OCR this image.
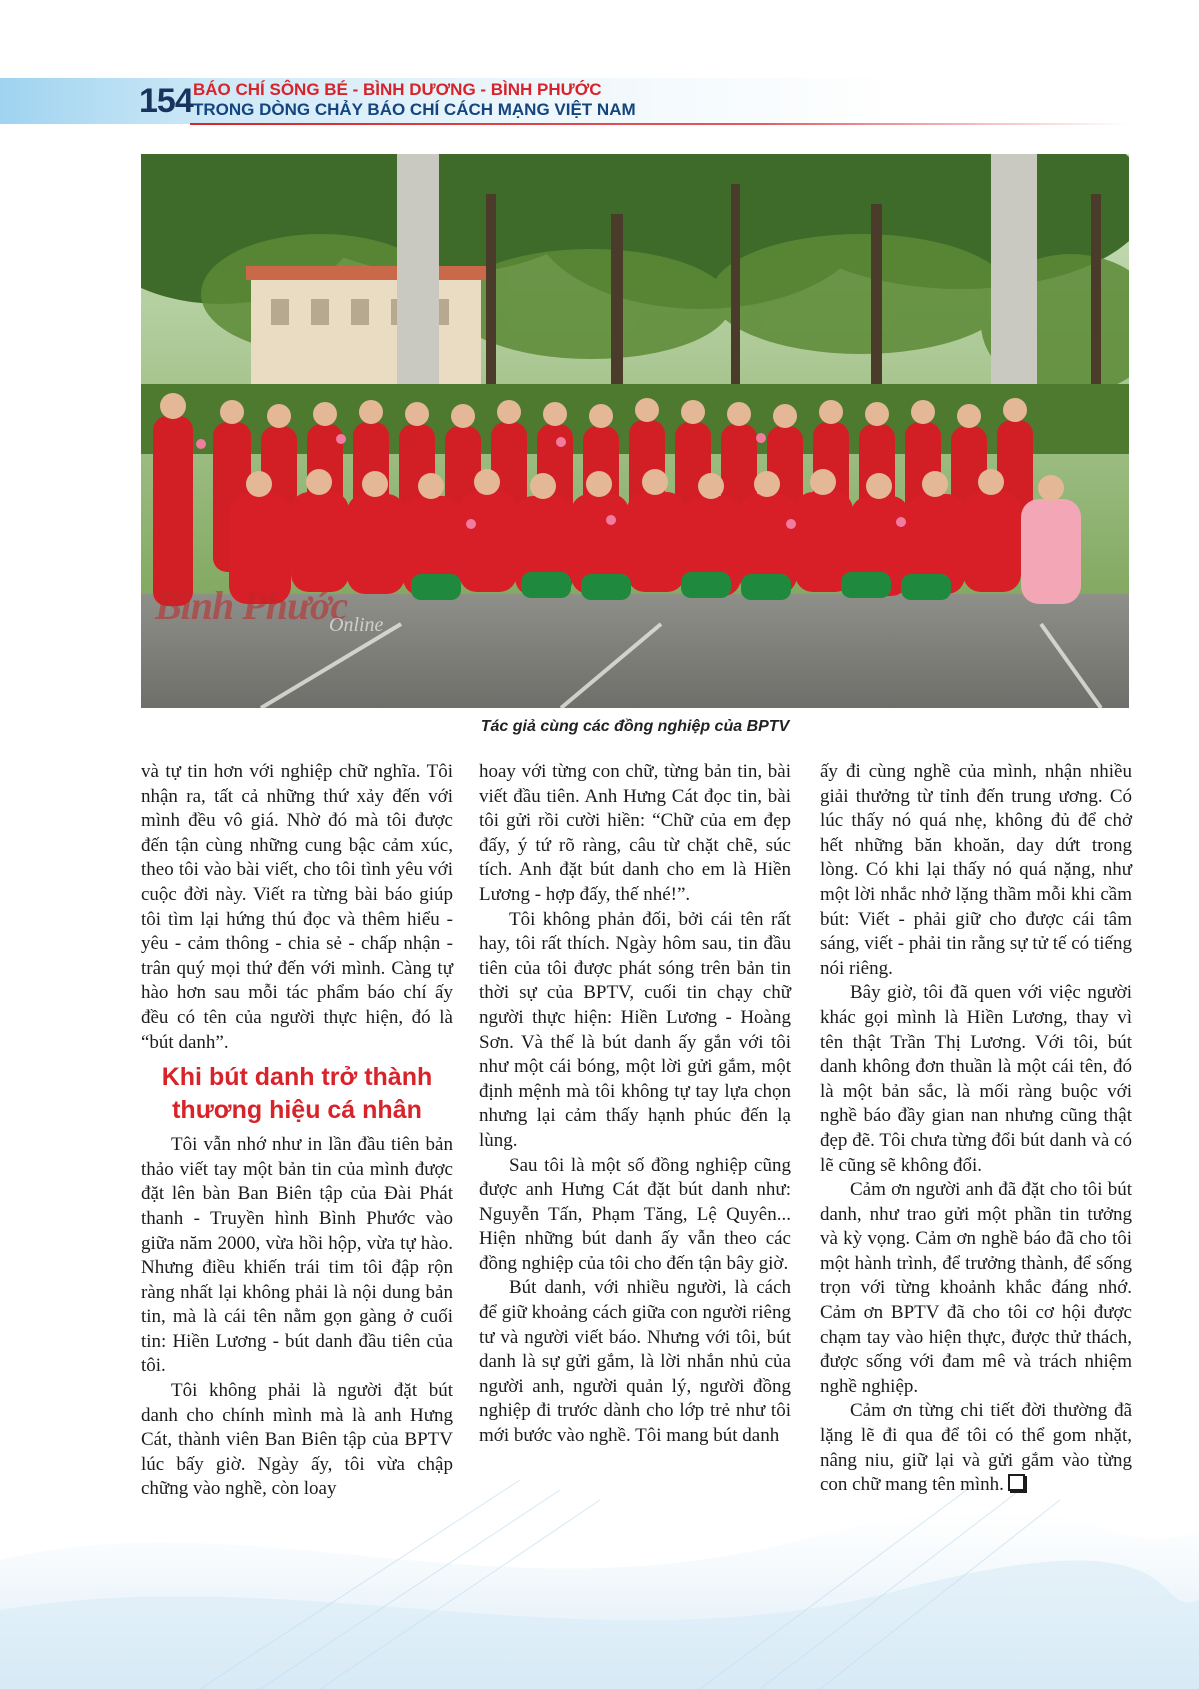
154 BÁO CHÍ SÔNG BÉ - BÌNH DƯƠNG - BÌNH PHƯỚC
TRONG DÒNG CHẢY BÁO CHÍ CÁCH MẠNG VIỆT NAM
Bình Phước
Online
Tác giả cùng các đồng nghiệp của BPTV

và tự tin hơn với nghiệp chữ nghĩa. Tôi nhận ra, tất cả những thứ xảy đến với mình đều vô giá. Nhờ đó mà tôi được đến tận cùng những cung bậc cảm xúc, theo tôi vào bài viết, cho tôi tình yêu với cuộc đời này. Viết ra từng bài báo giúp tôi tìm lại hứng thú đọc và thêm hiểu - yêu - cảm thông - chia sẻ - chấp nhận - trân quý mọi thứ đến với mình. Càng tự hào hơn sau mỗi tác phẩm báo chí ấy đều có tên của người thực hiện, đó là “bút danh”.

Khi bút danh trở thành
thương hiệu cá nhân

Tôi vẫn nhớ như in lần đầu tiên bản thảo viết tay một bản tin của mình được đặt lên bàn Ban Biên tập của Đài Phát thanh - Truyền hình Bình Phước vào giữa năm 2000, vừa hồi hộp, vừa tự hào. Nhưng điều khiến trái tim tôi đập rộn ràng nhất lại không phải là nội dung bản tin, mà là cái tên nằm gọn gàng ở cuối tin: Hiền Lương - bút danh đầu tiên của tôi.

Tôi không phải là người đặt bút danh cho chính mình mà là anh Hưng Cát, thành viên Ban Biên tập của BPTV lúc bấy giờ. Ngày ấy, tôi vừa chập chững vào nghề, còn loay

hoay với từng con chữ, từng bản tin, bài viết đầu tiên. Anh Hưng Cát đọc tin, bài tôi gửi rồi cười hiền: “Chữ của em đẹp đấy, ý tứ rõ ràng, câu từ chặt chẽ, súc tích. Anh đặt bút danh cho em là Hiền Lương - hợp đấy, thế nhé!”.

Tôi không phản đối, bởi cái tên rất hay, tôi rất thích. Ngày hôm sau, tin đầu tiên của tôi được phát sóng trên bản tin thời sự của BPTV, cuối tin chạy chữ người thực hiện: Hiền Lương - Hoàng Sơn. Và thế là bút danh ấy gắn với tôi như một cái bóng, một lời gửi gắm, một định mệnh mà tôi không tự tay lựa chọn nhưng lại cảm thấy hạnh phúc đến lạ lùng.

Sau tôi là một số đồng nghiệp cũng được anh Hưng Cát đặt bút danh như: Nguyễn Tấn, Phạm Tăng, Lệ Quyên... Hiện những bút danh ấy vẫn theo các đồng nghiệp của tôi cho đến tận bây giờ.

Bút danh, với nhiều người, là cách để giữ khoảng cách giữa con người riêng tư và người viết báo. Nhưng với tôi, bút danh là sự gửi gắm, là lời nhắn nhủ của người anh, người quản lý, người đồng nghiệp đi trước dành cho lớp trẻ như tôi mới bước vào nghề. Tôi mang bút danh

ấy đi cùng nghề của mình, nhận nhiều giải thưởng từ tỉnh đến trung ương. Có lúc thấy nó quá nhẹ, không đủ để chở hết những băn khoăn, day dứt trong lòng. Có khi lại thấy nó quá nặng, như một lời nhắc nhở lặng thầm mỗi khi cầm bút: Viết - phải giữ cho được cái tâm sáng, viết - phải tin rằng sự tử tế có tiếng nói riêng.

Bây giờ, tôi đã quen với việc người khác gọi mình là Hiền Lương, thay vì tên thật Trần Thị Lương. Với tôi, bút danh không đơn thuần là một cái tên, đó là một bản sắc, là mối ràng buộc với nghề báo đầy gian nan nhưng cũng thật đẹp đẽ. Tôi chưa từng đổi bút danh và có lẽ cũng sẽ không đổi.

Cảm ơn người anh đã đặt cho tôi bút danh, như trao gửi một phần tin tưởng và kỳ vọng. Cảm ơn nghề báo đã cho tôi một hành trình, để trưởng thành, để sống trọn với từng khoảnh khắc đáng nhớ. Cảm ơn BPTV đã cho tôi cơ hội được chạm tay vào hiện thực, được thử thách, được sống với đam mê và trách nhiệm nghề nghiệp.

Cảm ơn từng chi tiết đời thường đã lặng lẽ đi qua để tôi có thể gom nhặt, nâng niu, giữ lại và gửi gắm vào từng con chữ mang tên mình.
